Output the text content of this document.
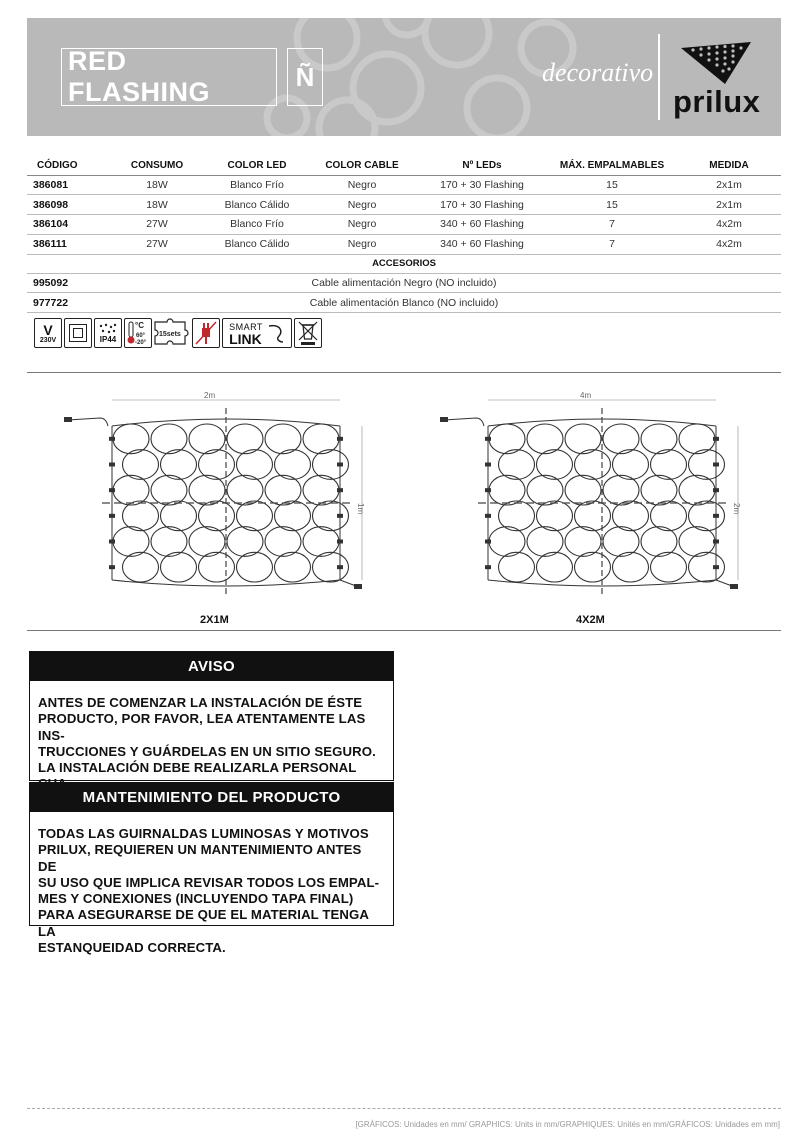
RED FLASHING
Ñ	decorativo
prilux
CÓDIGO	CONSUMO	COLOR LED	COLOR CABLE	Nº LEDs	MÁX. EMPALMABLES	MEDIDA
386081	18W	Blanco Frío	Negro	170 + 30 Flashing	15	2x1m
386098	18W	Blanco Cálido	Negro	170 + 30 Flashing	15	2x1m
386104	27W	Blanco Frío	Negro	340 + 60 Flashing	7	4x2m
386111	27W	Blanco Cálido	Negro	340 + 60 Flashing	7	4x2m
ACCESORIOS						
995092	Cable alimentación Negro (NO incluido)					
977722	Cable alimentación Blanco (NO incluido)					
V
230V	IP44
°C
60°
-20°
15sets
SMART
LINK
2m
1m
4m
2m
2X1M	4X2M
AVISO
ANTES DE COMENZAR LA INSTALACIÓN DE ÉSTE
PRODUCTO, POR FAVOR, LEA ATENTAMENTE LAS INS-
TRUCCIONES Y GUÁRDELAS EN UN SITIO SEGURO.
LA INSTALACIÓN DEBE REALIZARLA PERSONAL
MANTENIMIENTO DEL PRODUCTO
TODAS LAS GUIRNALDAS LUMINOSAS Y MOTIVOS
PRILUX, REQUIEREN UN MANTENIMIENTO ANTES DE
SU USO QUE IMPLICA REVISAR TODOS LOS EMPAL-
MES Y CONEXIONES (INCLUYENDO TAPA FINAL)
PARA ASEGURARSE DE QUE EL MATERIAL TENGA LA
ESTANQUEIDAD CORRECTA.
[GRÁFICOS: Unidades en mm/ GRAPHICS: Units in mm/GRAPHIQUES: Unités en mm/GRÁFICOS: Unidades em mm]
